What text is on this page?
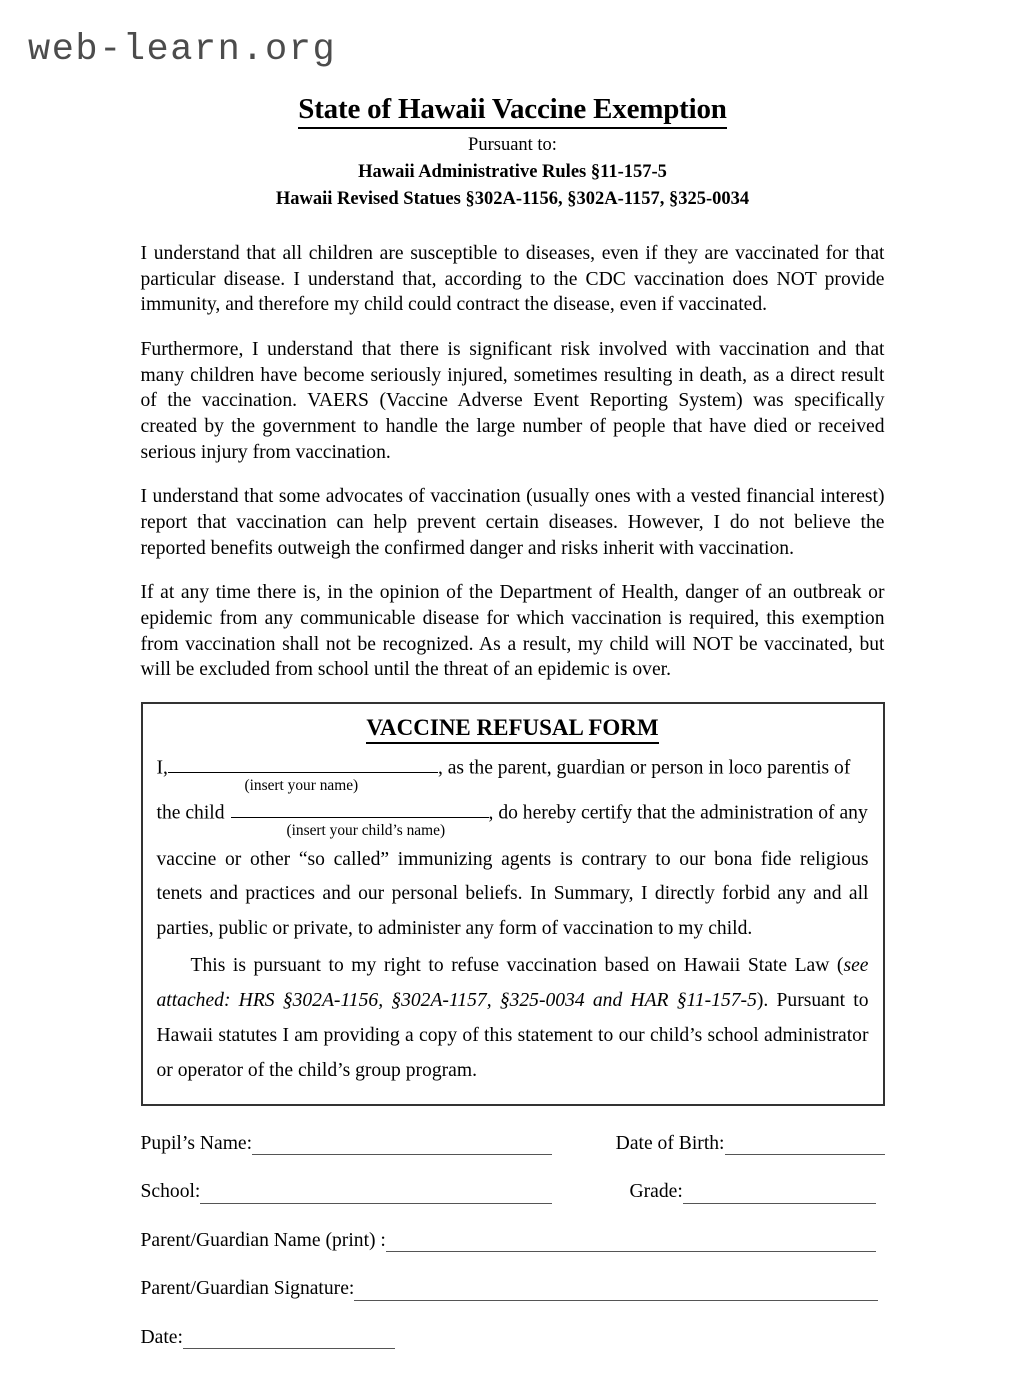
web-learn.org
State of Hawaii Vaccine Exemption

Pursuant to:

Hawaii Administrative Rules §11-157-5

Hawaii Revised Statues §302A-1156, §302A-1157, §325-0034

I understand that all children are susceptible to diseases, even if they are vaccinated for that particular disease. I understand that, according to the CDC vaccination does NOT provide immunity, and therefore my child could contract the disease, even if vaccinated.

Furthermore, I understand that there is significant risk involved with vaccination and that many children have become seriously injured, sometimes resulting in death, as a direct result of the vaccination. VAERS (Vaccine Adverse Event Reporting System) was specifically created by the government to handle the large number of people that have died or received serious injury from vaccination.

I understand that some advocates of vaccination (usually ones with a vested financial interest) report that vaccination can help prevent certain diseases. However, I do not believe the reported benefits outweigh the confirmed danger and risks inherit with vaccination.

If at any time there is, in the opinion of the Department of Health, danger of an outbreak or epidemic from any communicable disease for which vaccination is required, this exemption from vaccination shall not be recognized. As a result, my child will NOT be vaccinated, but will be excluded from school until the threat of an epidemic is over.

VACCINE REFUSAL FORM
I,	, as the parent, guardian or person in loco parentis of
(insert your name)
the child	, do hereby certify that the administration of any
(insert your child’s name)

vaccine or other “so called” immunizing agents is contrary to our bona fide religious tenets and practices and our personal beliefs. In Summary, I directly forbid any and all parties, public or private, to administer any form of vaccination to my child.

This is pursuant to my right to refuse vaccination based on Hawaii State Law (see attached: HRS §302A-1156, §302A-1157, §325-0034 and HAR §11-157-5). Pursuant to Hawaii statutes I am providing a copy of this statement to our child’s school administrator or operator of the child’s group program.

Pupil’s Name:	Date of Birth:
School:	Grade:
Parent/Guardian Name (print) :
Parent/Guardian Signature:
Date:
